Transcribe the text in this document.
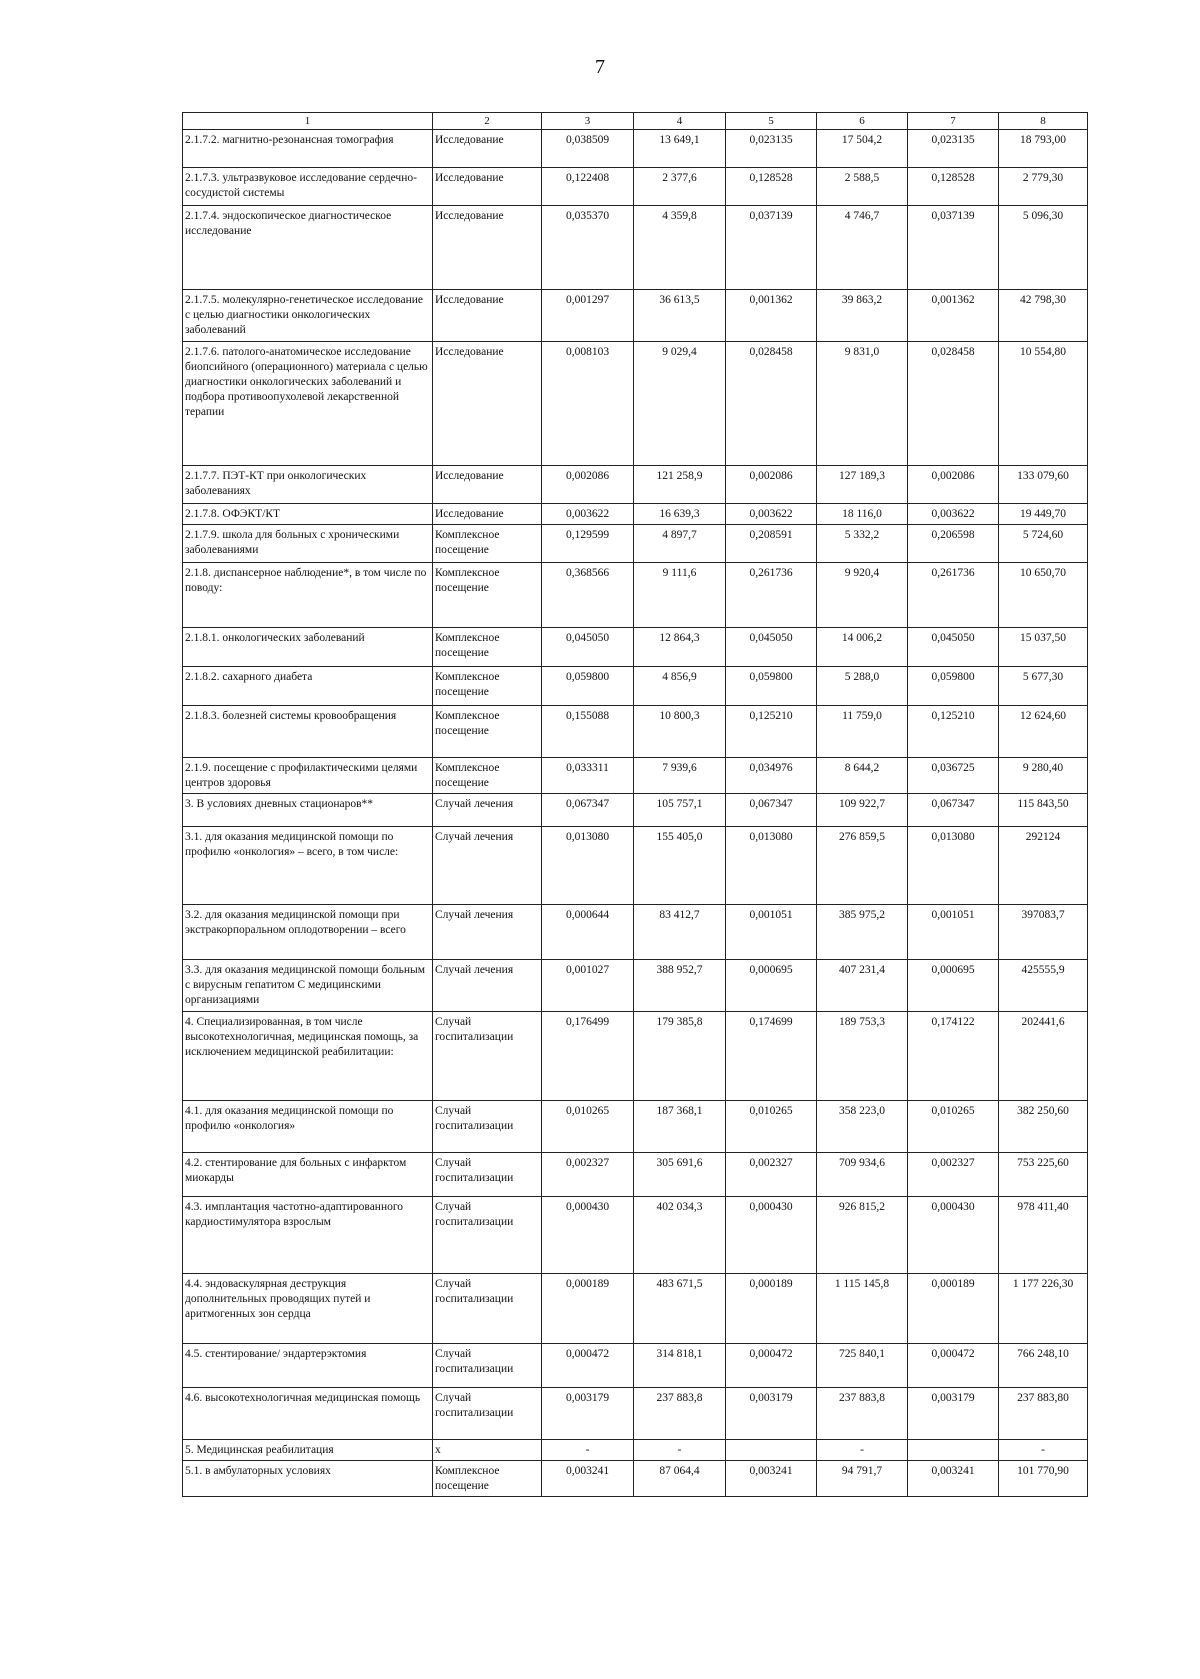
7
1	2	3	4	5	6	7	8
2.1.7.2. магнитно-резонансная томография	Исследование	0,038509	13 649,1	0,023135	17 504,2	0,023135	18 793,00
2.1.7.3. ультразвуковое исследование сердечно-сосудистой системы	Исследование	0,122408	2 377,6	0,128528	2 588,5	0,128528	2 779,30
2.1.7.4. эндоскопическое диагностическое исследование	Исследование	0,035370	4 359,8	0,037139	4 746,7	0,037139	5 096,30
2.1.7.5. молекулярно-генетическое исследование с целью диагностики онкологических заболеваний	Исследование	0,001297	36 613,5	0,001362	39 863,2	0,001362	42 798,30
2.1.7.6. патолого-анатомическое исследование биопсийного (операционного) материала с целью диагностики онкологических заболеваний и подбора противоопухолевой лекарственной терапии	Исследование	0,008103	9 029,4	0,028458	9 831,0	0,028458	10 554,80
2.1.7.7. ПЭТ-КТ при онкологических заболеваниях	Исследование	0,002086	121 258,9	0,002086	127 189,3	0,002086	133 079,60
2.1.7.8. ОФЭКТ/КТ	Исследование	0,003622	16 639,3	0,003622	18 116,0	0,003622	19 449,70
2.1.7.9. школа для больных с хроническими заболеваниями	Комплексное посещение	0,129599	4 897,7	0,208591	5 332,2	0,206598	5 724,60
2.1.8. диспансерное наблюдение*, в том числе по поводу:	Комплексное посещение	0,368566	9 111,6	0,261736	9 920,4	0,261736	10 650,70
2.1.8.1. онкологических заболеваний	Комплексное посещение	0,045050	12 864,3	0,045050	14 006,2	0,045050	15 037,50
2.1.8.2. сахарного диабета	Комплексное посещение	0,059800	4 856,9	0,059800	5 288,0	0,059800	5 677,30
2.1.8.3. болезней системы кровообращения	Комплексное посещение	0,155088	10 800,3	0,125210	11 759,0	0,125210	12 624,60
2.1.9. посещение с профилактическими целями центров здоровья	Комплексное посещение	0,033311	7 939,6	0,034976	8 644,2	0,036725	9 280,40
3. В условиях дневных стационаров**	Случай лечения	0,067347	105 757,1	0,067347	109 922,7	0,067347	115 843,50
3.1. для оказания медицинской помощи по профилю «онкология» – всего, в том числе:	Случай лечения	0,013080	155 405,0	0,013080	276 859,5	0,013080	292124
3.2. для оказания медицинской помощи при экстракорпоральном оплодотворении – всего	Случай лечения	0,000644	83 412,7	0,001051	385 975,2	0,001051	397083,7
3.3. для оказания медицинской помощи больным с вирусным гепатитом С медицинскими организациями	Случай лечения	0,001027	388 952,7	0,000695	407 231,4	0,000695	425555,9
4. Специализированная, в том числе высокотехнологичная, медицинская помощь, за исключением медицинской реабилитации:	Случай госпитализации	0,176499	179 385,8	0,174699	189 753,3	0,174122	202441,6
4.1. для оказания медицинской помощи по профилю «онкология»	Случай госпитализации	0,010265	187 368,1	0,010265	358 223,0	0,010265	382 250,60
4.2. стентирование для больных с инфарктом миокарды	Случай госпитализации	0,002327	305 691,6	0,002327	709 934,6	0,002327	753 225,60
4.3. имплантация частотно-адаптированного кардиостимулятора взрослым	Случай госпитализации	0,000430	402 034,3	0,000430	926 815,2	0,000430	978 411,40
4.4. эндоваскулярная деструкция дополнительных проводящих путей и аритмогенных зон сердца	Случай госпитализации	0,000189	483 671,5	0,000189	1 115 145,8	0,000189	1 177 226,30
4.5. стентирование/ эндартерэктомия	Случай госпитализации	0,000472	314 818,1	0,000472	725 840,1	0,000472	766 248,10
4.6. высокотехнологичная медицинская помощь	Случай госпитализации	0,003179	237 883,8	0,003179	237 883,8	0,003179	237 883,80
5. Медицинская реабилитация	х	-	-		-		-
5.1. в амбулаторных условиях	Комплексное посещение	0,003241	87 064,4	0,003241	94 791,7	0,003241	101 770,90
